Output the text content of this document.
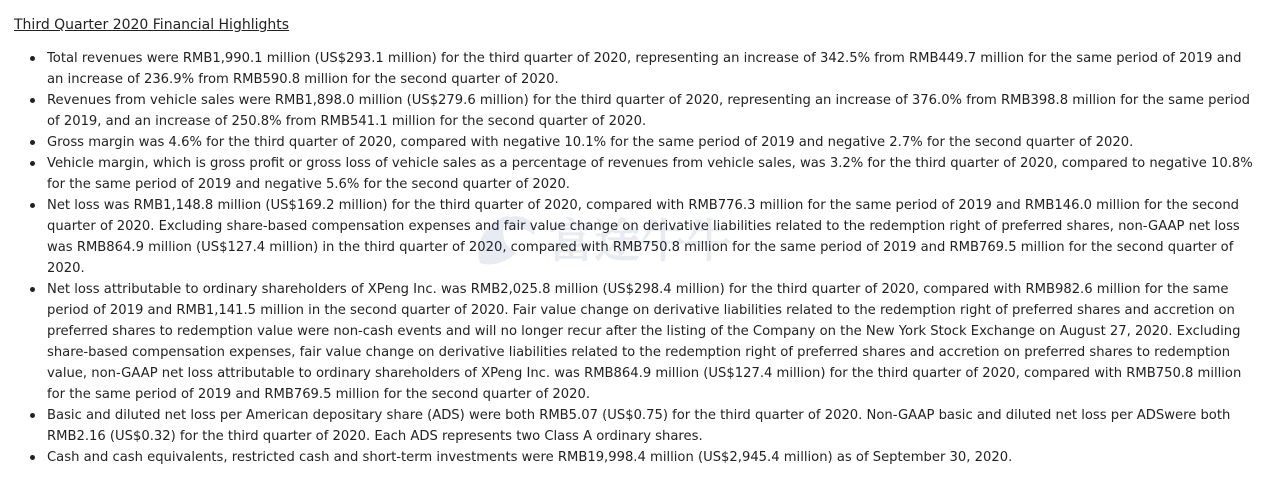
Third Quarter 2020 Financial Highlights
Total revenues were RMB1,990.1 million (US$293.1 million) for the third quarter of 2020, representing an increase of 342.5% from RMB449.7 million for the same period of 2019 and an increase of 236.9% from RMB590.8 million for the second quarter of 2020.
Revenues from vehicle sales were RMB1,898.0 million (US$279.6 million) for the third quarter of 2020, representing an increase of 376.0% from RMB398.8 million for the same period of 2019, and an increase of 250.8% from RMB541.1 million for the second quarter of 2020.
Gross margin was 4.6% for the third quarter of 2020, compared with negative 10.1% for the same period of 2019 and negative 2.7% for the second quarter of 2020.
Vehicle margin, which is gross profit or gross loss of vehicle sales as a percentage of revenues from vehicle sales, was 3.2% for the third quarter of 2020, compared to negative 10.8% for the same period of 2019 and negative 5.6% for the second quarter of 2020.
Net loss was RMB1,148.8 million (US$169.2 million) for the third quarter of 2020, compared with RMB776.3 million for the same period of 2019 and RMB146.0 million for the second quarter of 2020. Excluding share-based compensation expenses and fair value change on derivative liabilities related to the redemption right of preferred shares, non-GAAP net loss was RMB864.9 million (US$127.4 million) in the third quarter of 2020, compared with RMB750.8 million for the same period of 2019 and RMB769.5 million for the second quarter of 2020.
Net loss attributable to ordinary shareholders of XPeng Inc. was RMB2,025.8 million (US$298.4 million) for the third quarter of 2020, compared with RMB982.6 million for the same period of 2019 and RMB1,141.5 million in the second quarter of 2020. Fair value change on derivative liabilities related to the redemption right of preferred shares and accretion on preferred shares to redemption value were non-cash events and will no longer recur after the listing of the Company on the New York Stock Exchange on August 27, 2020. Excluding share-based compensation expenses, fair value change on derivative liabilities related to the redemption right of preferred shares and accretion on preferred shares to redemption value, non-GAAP net loss attributable to ordinary shareholders of XPeng Inc. was RMB864.9 million (US$127.4 million) for the third quarter of 2020, compared with RMB750.8 million for the same period of 2019 and RMB769.5 million for the second quarter of 2020.
Basic and diluted net loss per American depositary share (ADS) were both RMB5.07 (US$0.75) for the third quarter of 2020. Non-GAAP basic and diluted net loss per ADSwere both RMB2.16 (US$0.32) for the third quarter of 2020. Each ADS represents two Class A ordinary shares.
Cash and cash equivalents, restricted cash and short-term investments were RMB19,998.4 million (US$2,945.4 million) as of September 30, 2020.
富途牛牛
